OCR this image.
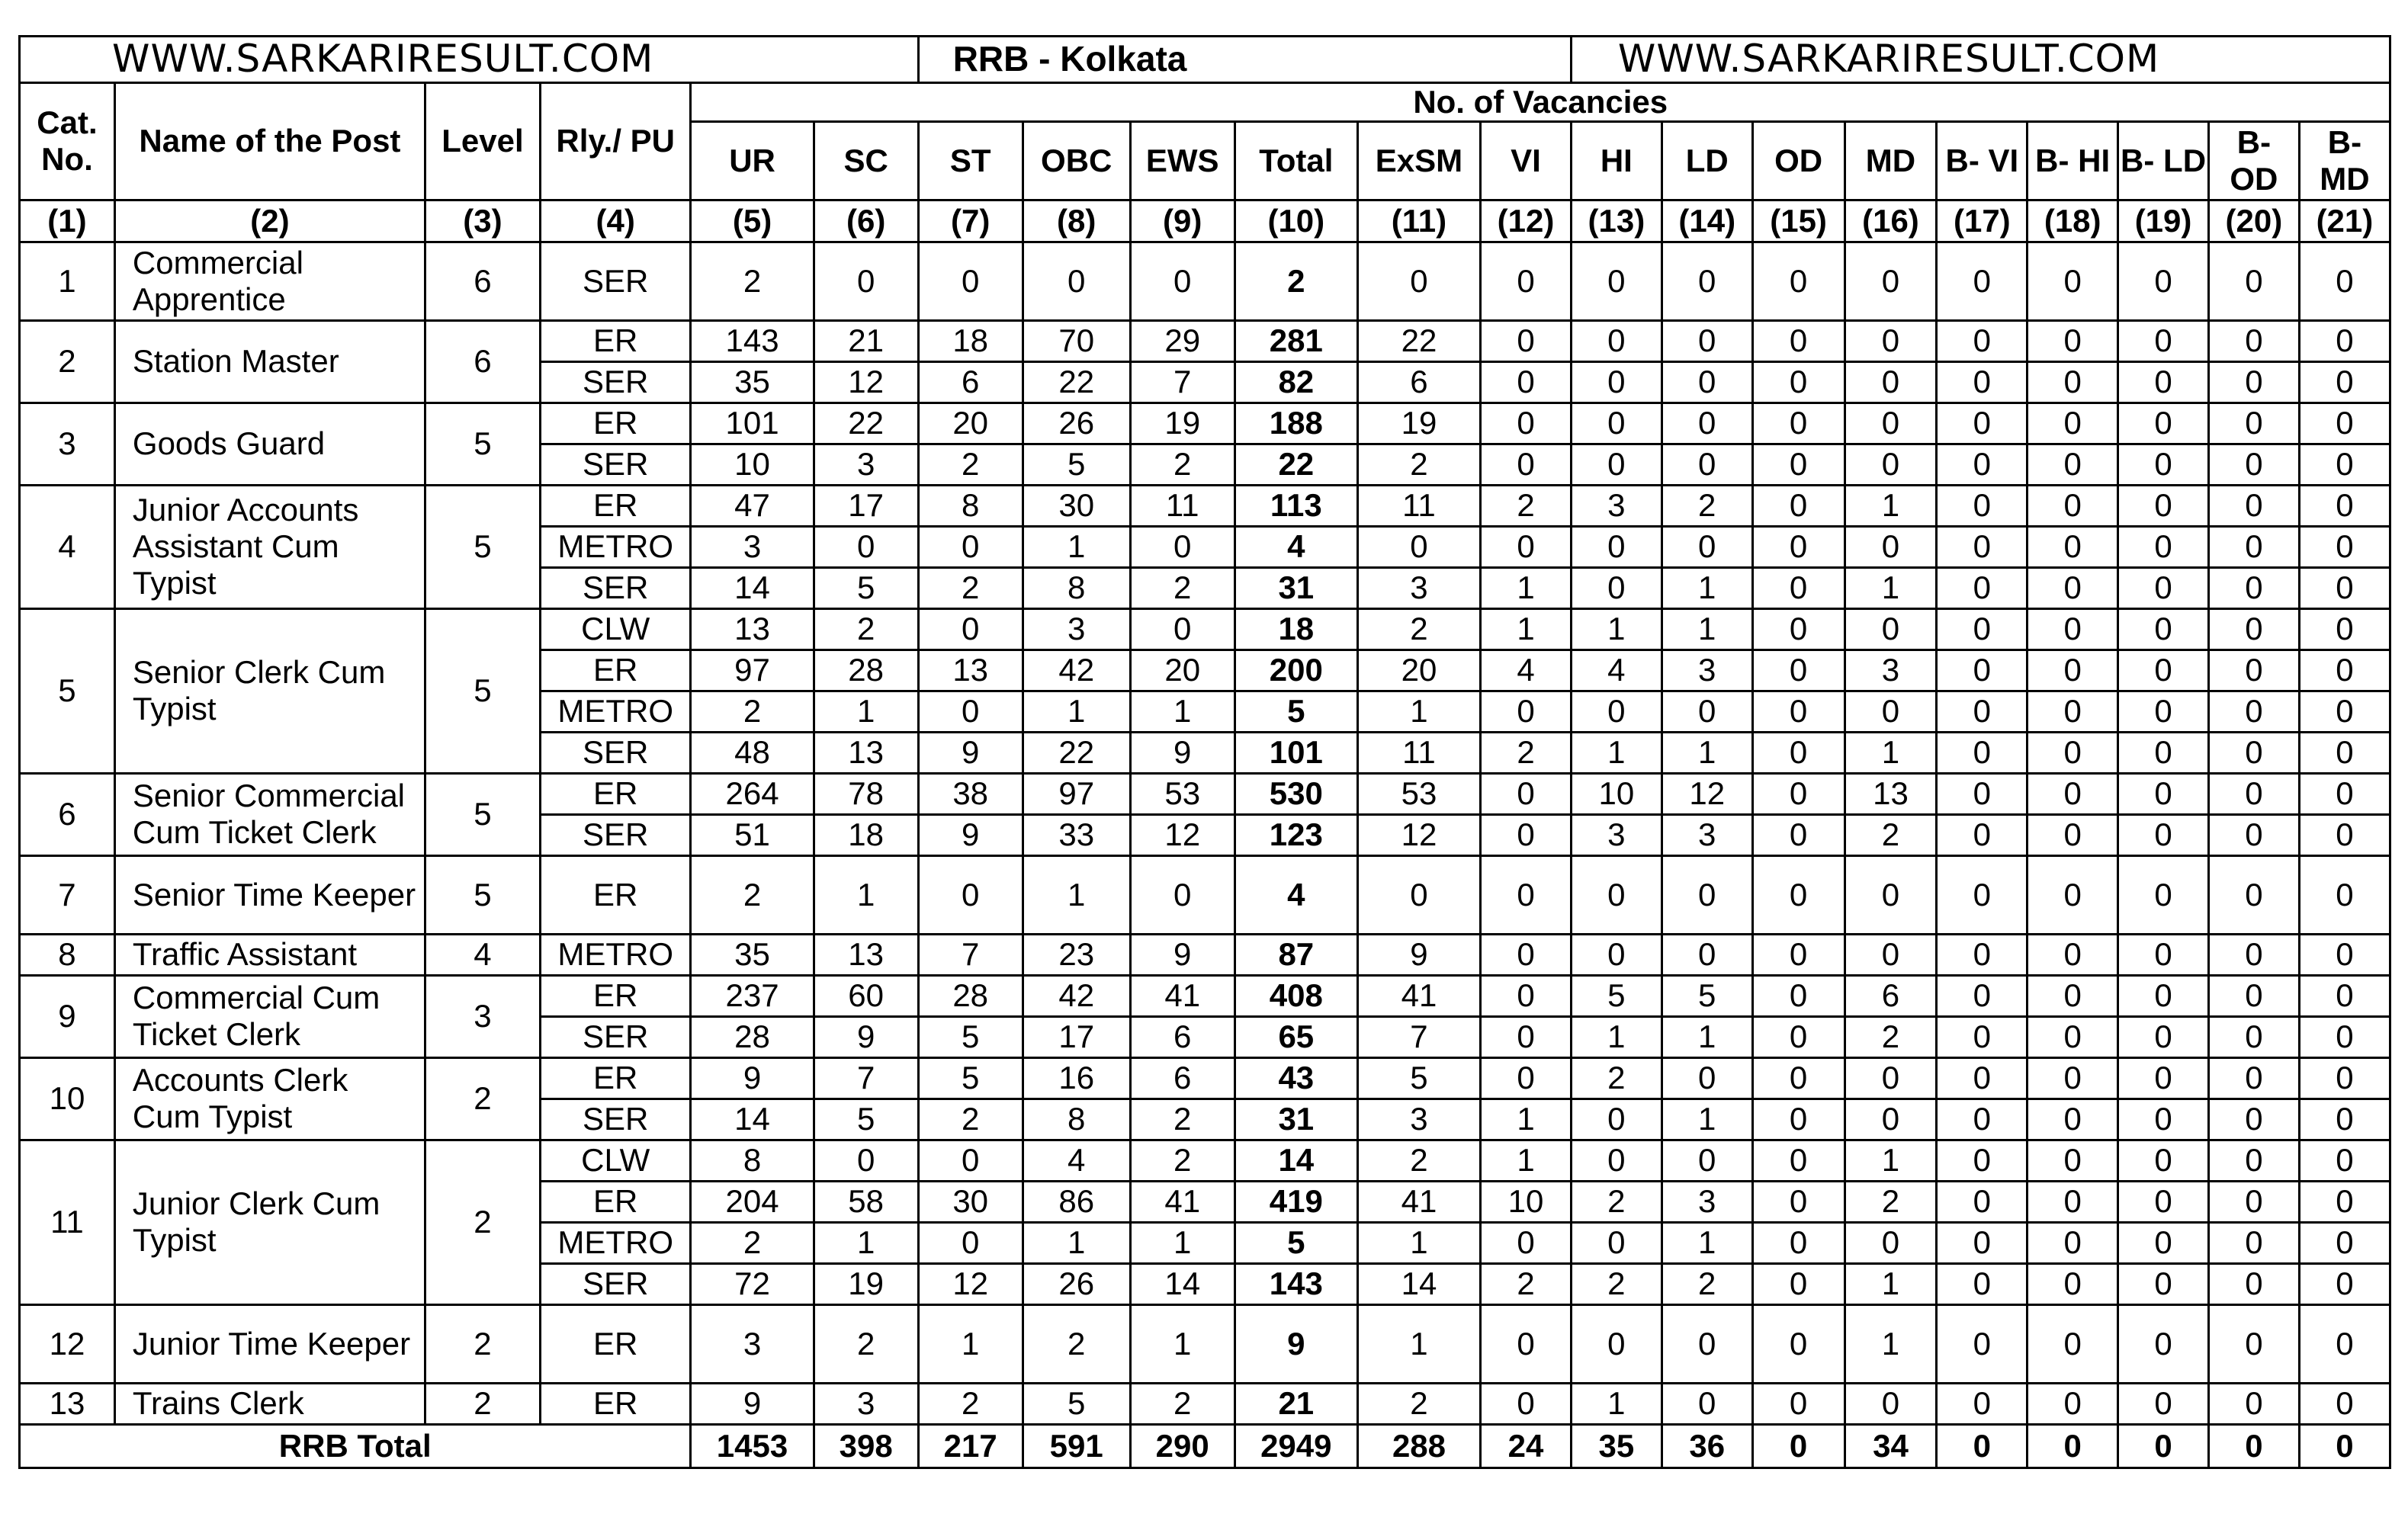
WWW.SARKARIRESULT.COM						RRB - Kolkata						WWW.SARKARIRESULT.COM								
Cat. No.	Name of the Post	Level	Rly./ PU	No. of Vacancies																
				UR	SC	ST	OBC	EWS	Total	ExSM	VI	HI	LD	OD	MD	B- VI	B- HI	B- LD	B- OD	B- MD
(1)	(2)	(3)	(4)	(5)	(6)	(7)	(8)	(9)	(10)	(11)	(12)	(13)	(14)	(15)	(16)	(17)	(18)	(19)	(20)	(21)
1	Commercial Apprentice	6	SER	2	0	0	0	0	2	0	0	0	0	0	0	0	0	0	0	0
2	Station Master	6	ER	143	21	18	70	29	281	22	0	0	0	0	0	0	0	0	0	0
			SER	35	12	6	22	7	82	6	0	0	0	0	0	0	0	0	0	0
3	Goods Guard	5	ER	101	22	20	26	19	188	19	0	0	0	0	0	0	0	0	0	0
			SER	10	3	2	5	2	22	2	0	0	0	0	0	0	0	0	0	0
4	Junior Accounts Assistant Cum Typist	5	ER	47	17	8	30	11	113	11	2	3	2	0	1	0	0	0	0	0
			METRO	3	0	0	1	0	4	0	0	0	0	0	0	0	0	0	0	0
			SER	14	5	2	8	2	31	3	1	0	1	0	1	0	0	0	0	0
5	Senior Clerk Cum Typist	5	CLW	13	2	0	3	0	18	2	1	1	1	0	0	0	0	0	0	0
			ER	97	28	13	42	20	200	20	4	4	3	0	3	0	0	0	0	0
			METRO	2	1	0	1	1	5	1	0	0	0	0	0	0	0	0	0	0
			SER	48	13	9	22	9	101	11	2	1	1	0	1	0	0	0	0	0
6	Senior Commercial Cum Ticket Clerk	5	ER	264	78	38	97	53	530	53	0	10	12	0	13	0	0	0	0	0
			SER	51	18	9	33	12	123	12	0	3	3	0	2	0	0	0	0	0
7	Senior Time Keeper	5	ER	2	1	0	1	0	4	0	0	0	0	0	0	0	0	0	0	0
8	Traffic Assistant	4	METRO	35	13	7	23	9	87	9	0	0	0	0	0	0	0	0	0	0
9	Commercial Cum Ticket Clerk	3	ER	237	60	28	42	41	408	41	0	5	5	0	6	0	0	0	0	0
			SER	28	9	5	17	6	65	7	0	1	1	0	2	0	0	0	0	0
10	Accounts Clerk Cum Typist	2	ER	9	7	5	16	6	43	5	0	2	0	0	0	0	0	0	0	0
			SER	14	5	2	8	2	31	3	1	0	1	0	0	0	0	0	0	0
11	Junior Clerk Cum Typist	2	CLW	8	0	0	4	2	14	2	1	0	0	0	1	0	0	0	0	0
			ER	204	58	30	86	41	419	41	10	2	3	0	2	0	0	0	0	0
			METRO	2	1	0	1	1	5	1	0	0	1	0	0	0	0	0	0	0
			SER	72	19	12	26	14	143	14	2	2	2	0	1	0	0	0	0	0
12	Junior Time Keeper	2	ER	3	2	1	2	1	9	1	0	0	0	0	1	0	0	0	0	0
13	Trains Clerk	2	ER	9	3	2	5	2	21	2	0	1	0	0	0	0	0	0	0	0
RRB Total				1453	398	217	591	290	2949	288	24	35	36	0	34	0	0	0	0	0
